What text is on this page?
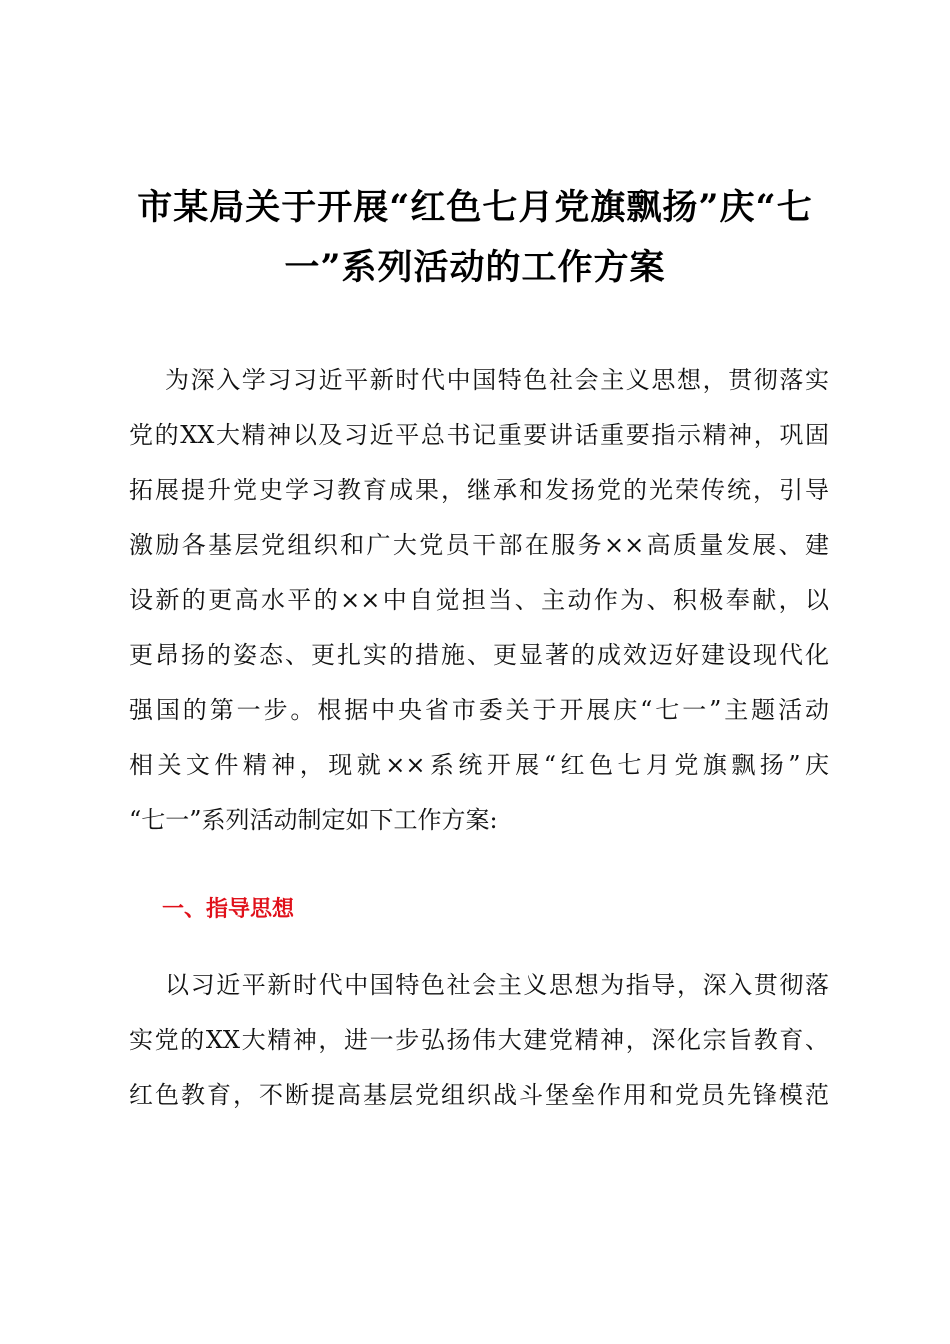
市某局关于开展“红色七月党旗飘扬”庆“七
一”系列活动的工作方案
为深入学习习近平新时代中国特色社会主义思想，贯彻落实
党的XX大精神以及习近平总书记重要讲话重要指示精神，巩固
拓展提升党史学习教育成果，继承和发扬党的光荣传统，引导
激励各基层党组织和广大党员干部在服务××高质量发展、建
设新的更高水平的××中自觉担当、主动作为、积极奉献，以
更昂扬的姿态、更扎实的措施、更显著的成效迈好建设现代化
强国的第一步。根据中央省市委关于开展庆“七一”主题活动
相关文件精神，现就××系统开展“红色七月党旗飘扬”庆
“七一”系列活动制定如下工作方案:
一、指导思想
以习近平新时代中国特色社会主义思想为指导，深入贯彻落
实党的XX大精神，进一步弘扬伟大建党精神，深化宗旨教育、
红色教育，不断提高基层党组织战斗堡垒作用和党员先锋模范
